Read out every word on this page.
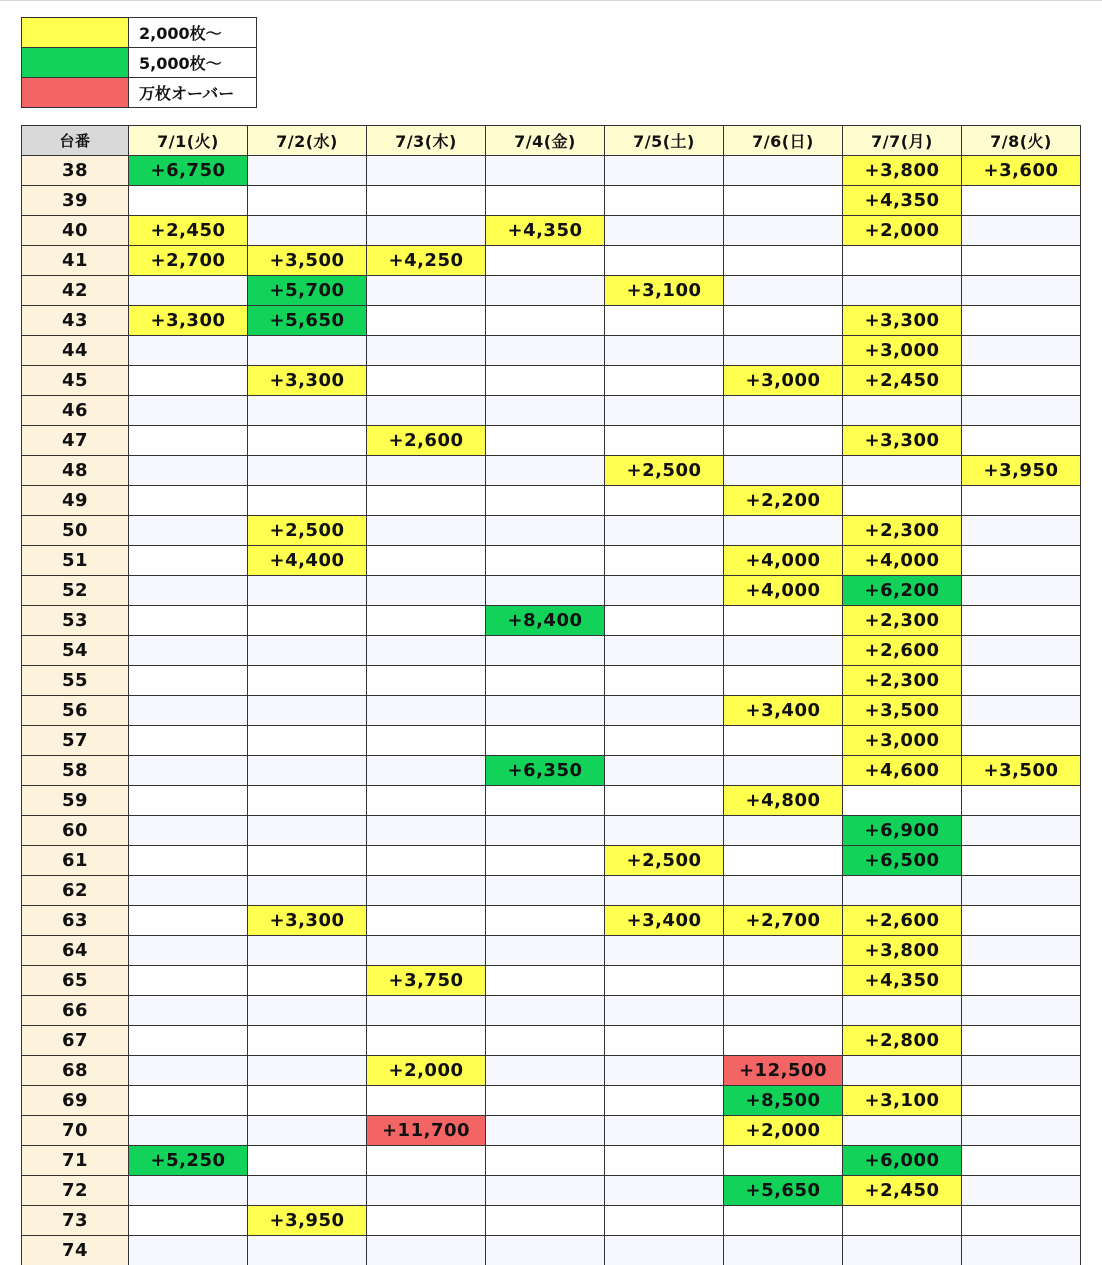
	2,000枚～
	5,000枚～
	万枚オーバー
台番	7/1(火)	7/2(水)	7/3(木)	7/4(金)	7/5(土)	7/6(日)	7/7(月)	7/8(火)
38	+6,750						+3,800	+3,600
39							+4,350	
40	+2,450			+4,350			+2,000	
41	+2,700	+3,500	+4,250					
42		+5,700			+3,100			
43	+3,300	+5,650					+3,300	
44							+3,000	
45		+3,300				+3,000	+2,450	
46								
47			+2,600				+3,300	
48					+2,500			+3,950
49						+2,200		
50		+2,500					+2,300	
51		+4,400				+4,000	+4,000	
52						+4,000	+6,200	
53				+8,400			+2,300	
54							+2,600	
55							+2,300	
56						+3,400	+3,500	
57							+3,000	
58				+6,350			+4,600	+3,500
59						+4,800		
60							+6,900	
61					+2,500		+6,500	
62								
63		+3,300			+3,400	+2,700	+2,600	
64							+3,800	
65			+3,750				+4,350	
66								
67							+2,800	
68			+2,000			+12,500		
69						+8,500	+3,100	
70			+11,700			+2,000		
71	+5,250						+6,000	
72						+5,650	+2,450	
73		+3,950						
74								
